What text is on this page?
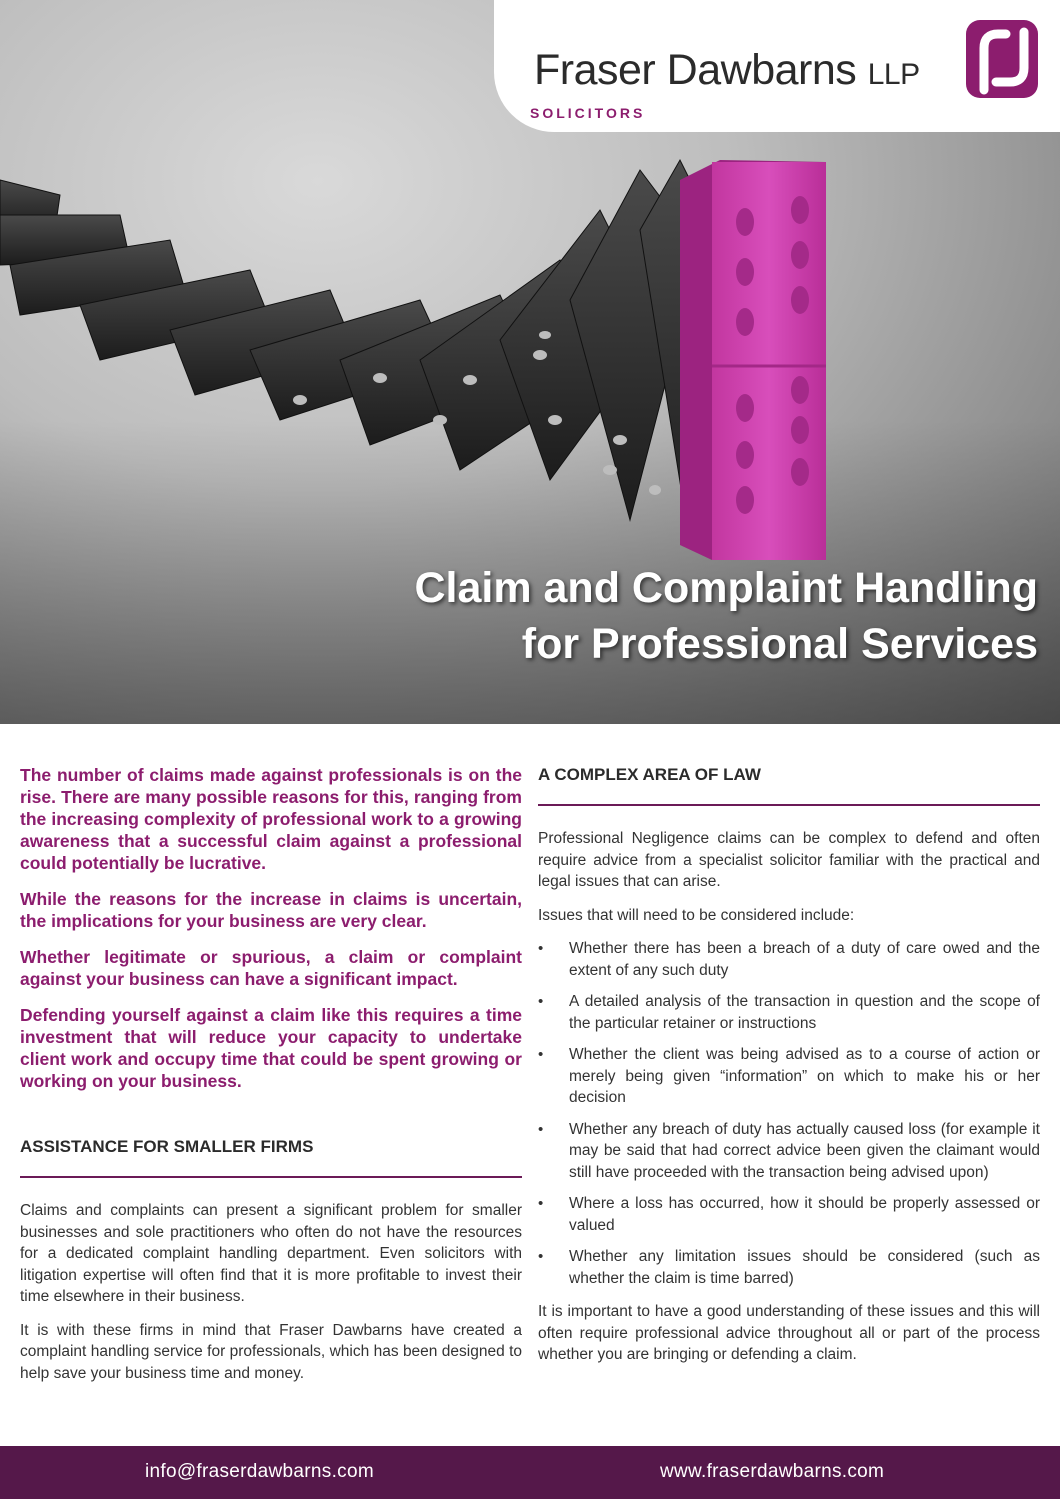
Fraser Dawbarns LLP
SOLICITORS
Claim and Complaint Handling
for Professional Services

The number of claims made against professionals is on the rise. There are many possible reasons for this, ranging from the increasing complexity of professional work to a growing awareness that a successful claim against a professional could potentially be lucrative.

While the reasons for the increase in claims is uncertain, the implications for your business are very clear.

Whether legitimate or spurious, a claim or complaint against your business can have a significant impact.

Defending yourself against a claim like this requires a time investment that will reduce your capacity to undertake client work and occupy time that could be spent growing or working on your business.

ASSISTANCE FOR SMALLER FIRMS

Claims and complaints can present a significant problem for smaller businesses and sole practitioners who often do not have the resources for a dedicated complaint handling department. Even solicitors with litigation expertise will often find that it is more profitable to invest their time elsewhere in their business.

It is with these firms in mind that Fraser Dawbarns have created a complaint handling service for professionals, which has been designed to help save your business time and money.

A COMPLEX AREA OF LAW

Professional Negligence claims can be complex to defend and often require advice from a specialist solicitor familiar with the practical and legal issues that can arise.

Issues that will need to be considered include:

• Whether there has been a breach of a duty of care owed and the extent of any such duty
• A detailed analysis of the transaction in question and the scope of the particular retainer or instructions
• Whether the client was being advised as to a course of action or merely being given “information” on which to make his or her decision
• Whether any breach of duty has actually caused loss (for example it may be said that had correct advice been given the claimant would still have proceeded with the transaction being advised upon)
• Where a loss has occurred, how it should be properly assessed or valued
• Whether any limitation issues should be considered (such as whether the claim is time barred)

It is important to have a good understanding of these issues and this will often require professional advice throughout all or part of the process whether you are bringing or defending a claim.

info@fraserdawbarns.com	www.fraserdawbarns.com
